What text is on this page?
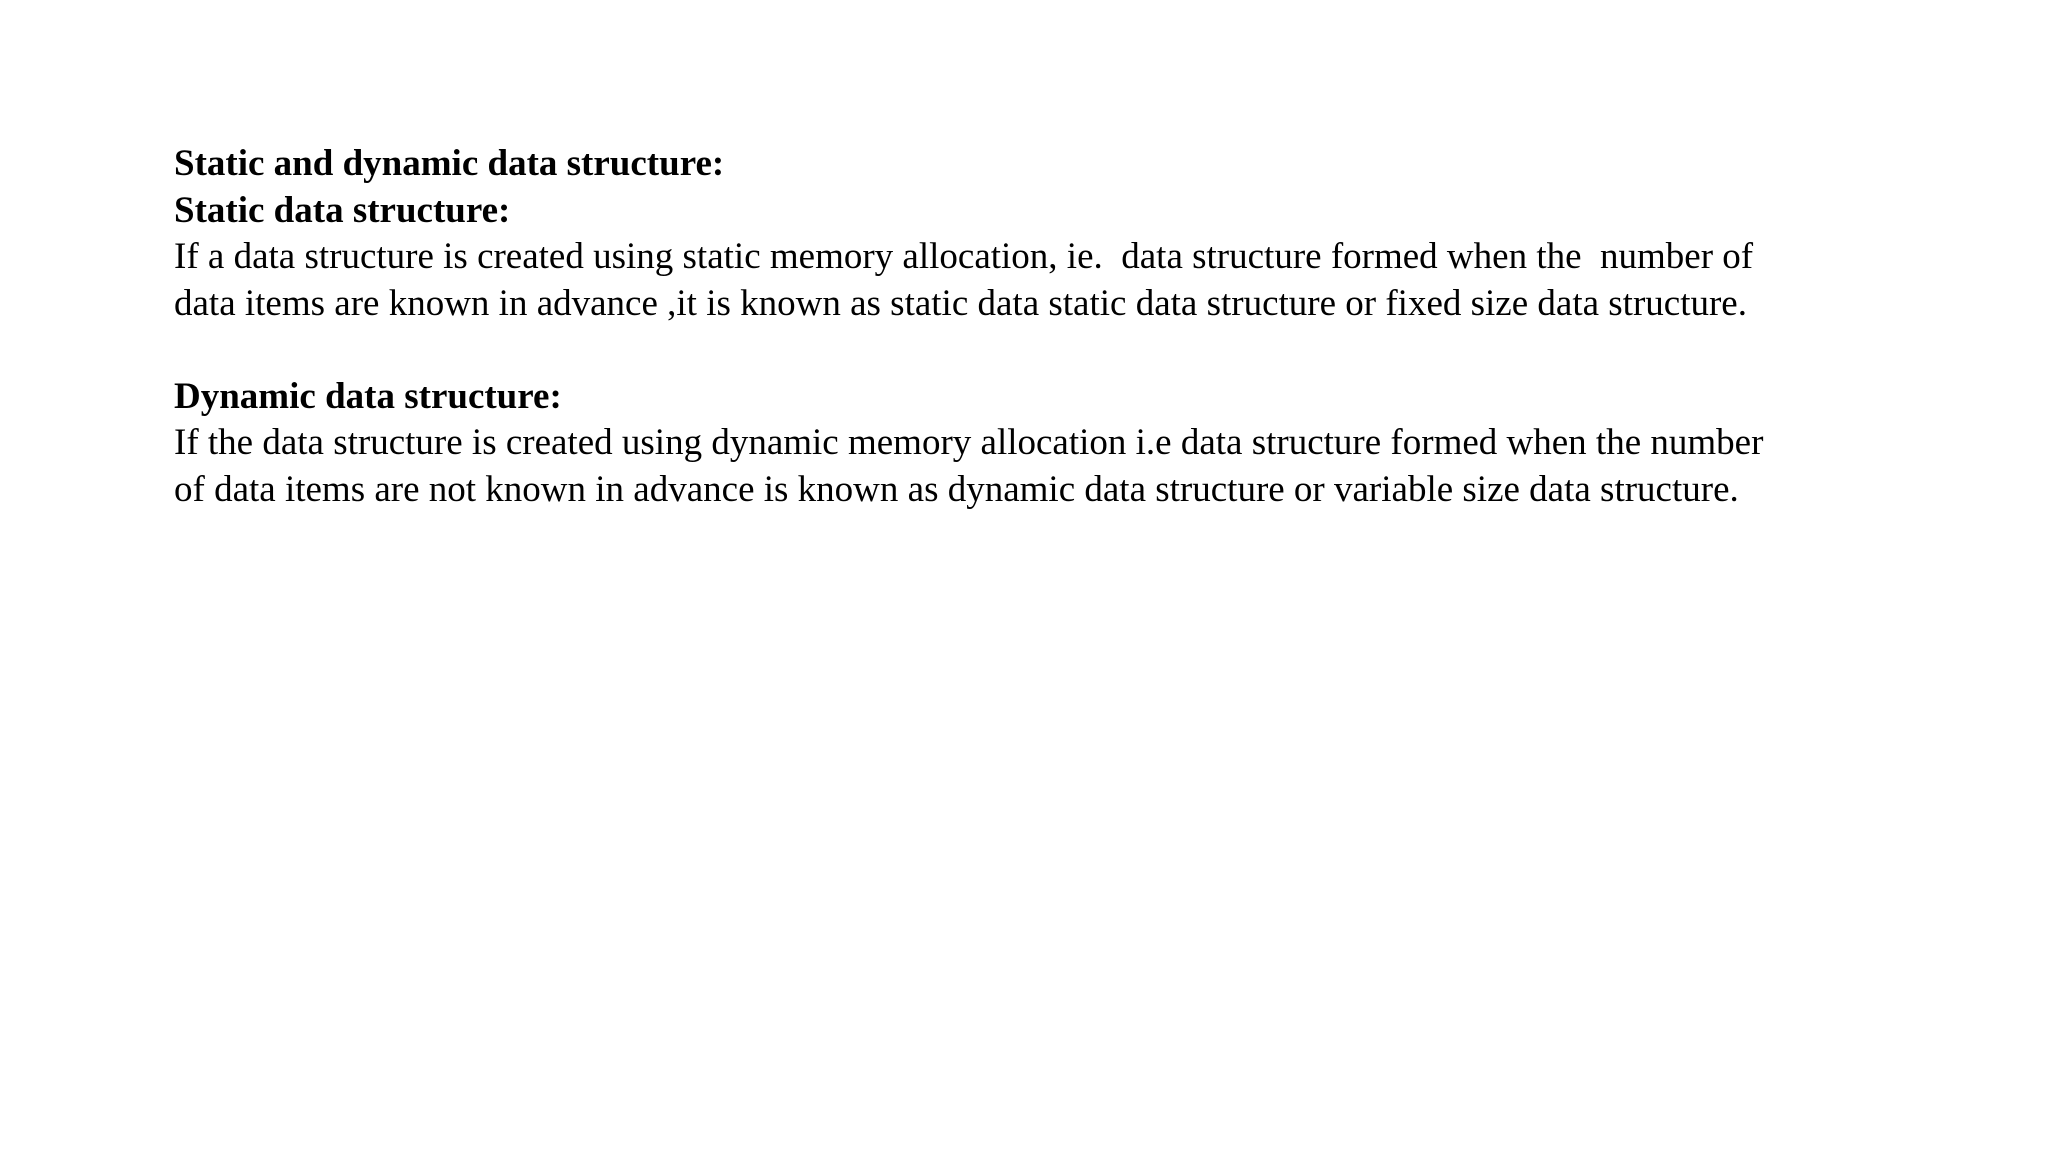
Static and dynamic data structure:

Static data structure:

If a data structure is created using static memory allocation, ie.  data structure formed when the  number of

data items are known in advance ,it is known as static data static data structure or fixed size data structure.

Dynamic data structure:

If the data structure is created using dynamic memory allocation i.e data structure formed when the number

of data items are not known in advance is known as dynamic data structure or variable size data structure.
